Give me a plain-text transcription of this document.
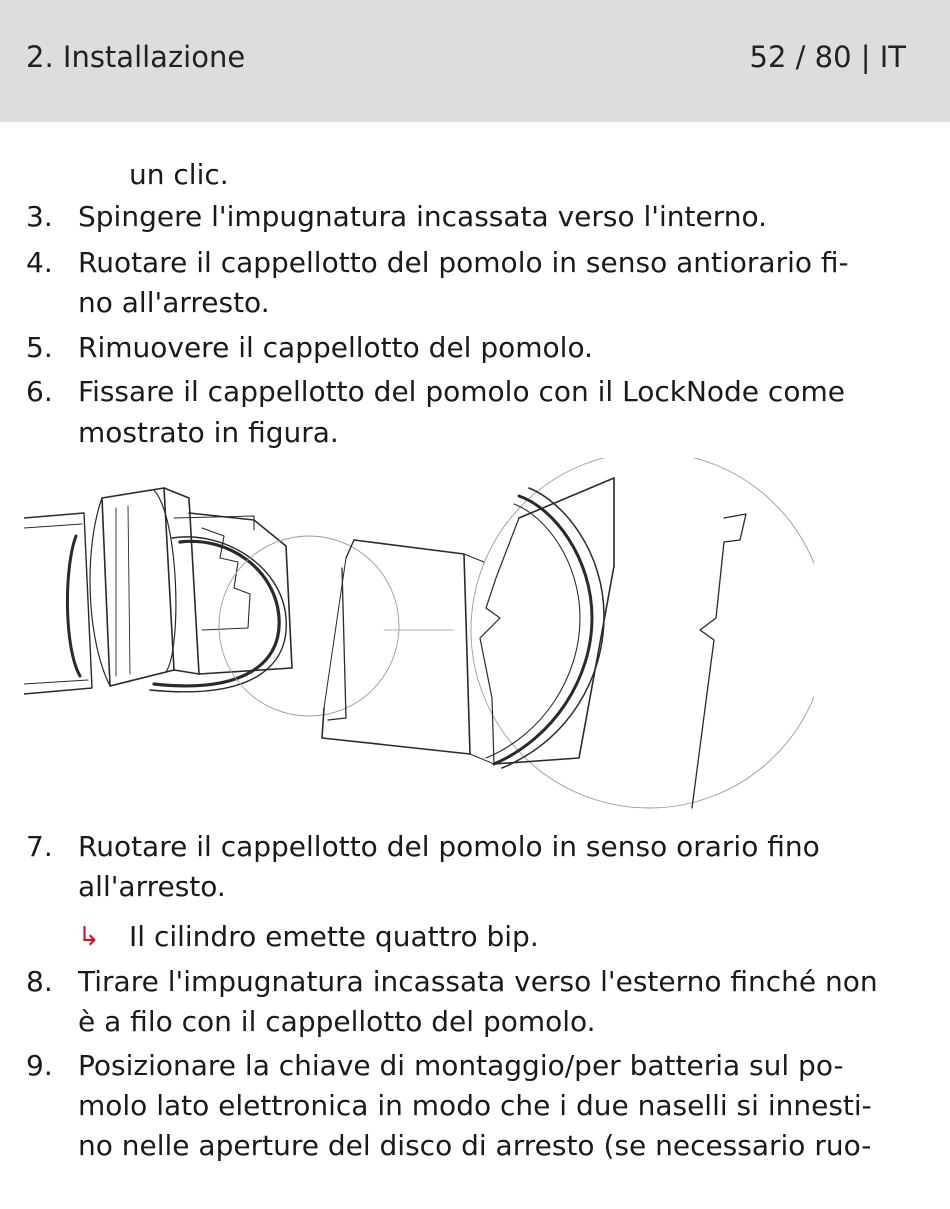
2. Installazione	52 / 80 | IT
un clic.
3. Spingere l'impugnatura incassata verso l'interno.
4. Ruotare il cappellotto del pomolo in senso antiorario fi-
no all'arresto.
5. Rimuovere il cappellotto del pomolo.
6. Fissare il cappellotto del pomolo con il LockNode come
mostrato in figura.
7. Ruotare il cappellotto del pomolo in senso orario fino
all'arresto.
↳ Il cilindro emette quattro bip.
8. Tirare l'impugnatura incassata verso l'esterno finché non
è a filo con il cappellotto del pomolo.
9. Posizionare la chiave di montaggio/per batteria sul po-
molo lato elettronica in modo che i due naselli si innesti-
no nelle aperture del disco di arresto (se necessario ruo-
